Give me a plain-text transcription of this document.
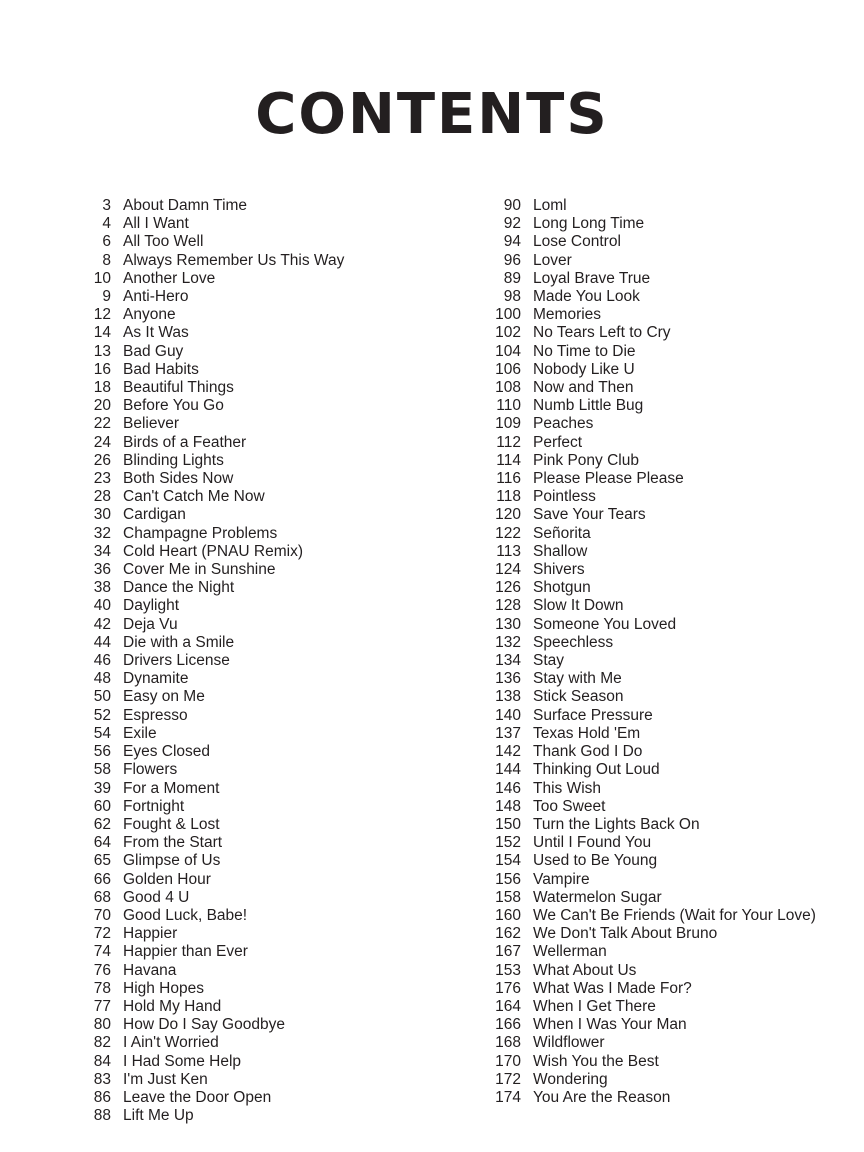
CONTENTS
3 About Damn Time
4 All I Want
6 All Too Well
8 Always Remember Us This Way
10 Another Love
9 Anti-Hero
12 Anyone
14 As It Was
13 Bad Guy
16 Bad Habits
18 Beautiful Things
20 Before You Go
22 Believer
24 Birds of a Feather
26 Blinding Lights
23 Both Sides Now
28 Can't Catch Me Now
30 Cardigan
32 Champagne Problems
34 Cold Heart (PNAU Remix)
36 Cover Me in Sunshine
38 Dance the Night
40 Daylight
42 Deja Vu
44 Die with a Smile
46 Drivers License
48 Dynamite
50 Easy on Me
52 Espresso
54 Exile
56 Eyes Closed
58 Flowers
39 For a Moment
60 Fortnight
62 Fought & Lost
64 From the Start
65 Glimpse of Us
66 Golden Hour
68 Good 4 U
70 Good Luck, Babe!
72 Happier
74 Happier than Ever
76 Havana
78 High Hopes
77 Hold My Hand
80 How Do I Say Goodbye
82 I Ain't Worried
84 I Had Some Help
83 I'm Just Ken
86 Leave the Door Open
88 Lift Me Up
90 Loml
92 Long Long Time
94 Lose Control
96 Lover
89 Loyal Brave True
98 Made You Look
100 Memories
102 No Tears Left to Cry
104 No Time to Die
106 Nobody Like U
108 Now and Then
110 Numb Little Bug
109 Peaches
112 Perfect
114 Pink Pony Club
116 Please Please Please
118 Pointless
120 Save Your Tears
122 Señorita
113 Shallow
124 Shivers
126 Shotgun
128 Slow It Down
130 Someone You Loved
132 Speechless
134 Stay
136 Stay with Me
138 Stick Season
140 Surface Pressure
137 Texas Hold 'Em
142 Thank God I Do
144 Thinking Out Loud
146 This Wish
148 Too Sweet
150 Turn the Lights Back On
152 Until I Found You
154 Used to Be Young
156 Vampire
158 Watermelon Sugar
160 We Can't Be Friends (Wait for Your Love)
162 We Don't Talk About Bruno
167 Wellerman
153 What About Us
176 What Was I Made For?
164 When I Get There
166 When I Was Your Man
168 Wildflower
170 Wish You the Best
172 Wondering
174 You Are the Reason
